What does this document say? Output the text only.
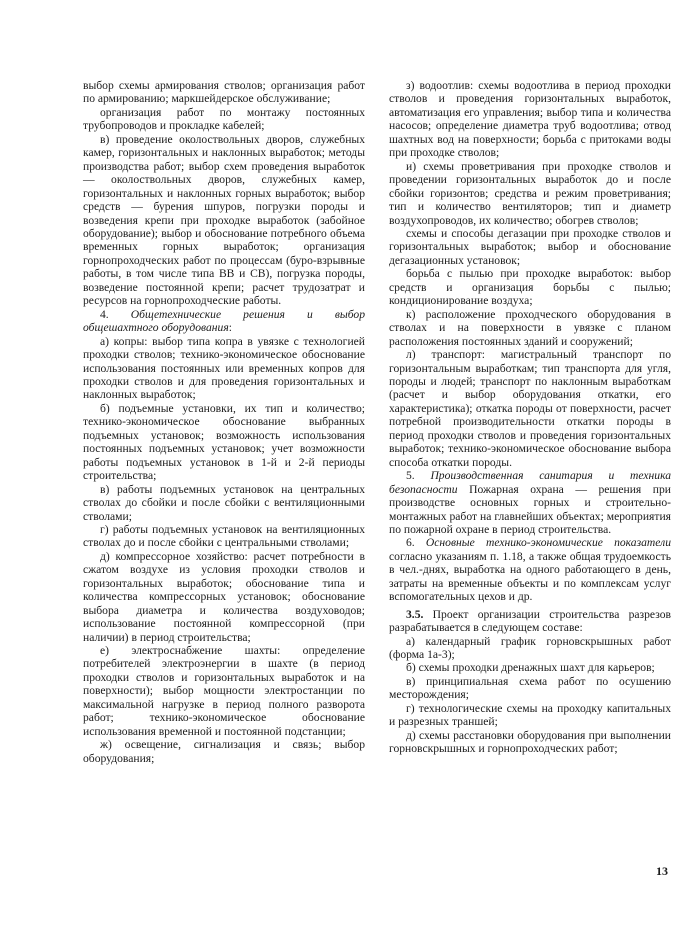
выбор схемы армирования стволов; организация работ по армированию; маркшейдерское обслуживание;

организация работ по монтажу постоянных трубопроводов и прокладке кабелей;

в) проведение околоствольных дворов, служебных камер, горизонтальных и наклонных выработок; методы производства работ; выбор схем проведения выработок — околоствольных дворов, служебных камер, горизонтальных и наклонных горных выработок; выбор средств — бурения шпуров, погрузки породы и возведения крепи при проходке выработок (забойное оборудование); выбор и обоснование потребного объема временных горных выработок; организация горнопроходческих работ по процессам (буро-взрывные работы, в том числе типа ВВ и СВ), погрузка породы, возведение постоянной крепи; расчет трудозатрат и ресурсов на горнопроходческие работы.

4. Общетехнические решения и выбор общешахтного оборудования:

а) копры: выбор типа копра в увязке с технологией проходки стволов; технико-экономическое обоснование использования постоянных или временных копров для проходки стволов и для проведения горизонтальных и наклонных выработок;

б) подъемные установки, их тип и количество; технико-экономическое обоснование выбранных подъемных установок; возможность использования постоянных подъемных установок; учет возможности работы подъемных установок в 1-й и 2-й периоды строительства;

в) работы подъемных установок на центральных стволах до сбойки и после сбойки с вентиляционными стволами;

г) работы подъемных установок на вентиляционных стволах до и после сбойки с центральными стволами;

д) компрессорное хозяйство: расчет потребности в сжатом воздухе из условия проходки стволов и горизонтальных выработок; обоснование типа и количества компрессорных установок; обоснование выбора диаметра и количества воздуховодов; использование постоянной компрессорной (при наличии) в период строительства;

е) электроснабжение шахты: определение потребителей электроэнергии в шахте (в период проходки стволов и горизонтальных выработок и на поверхности); выбор мощности электростанции по максимальной нагрузке в период полного разворота работ; технико-экономическое обоснование использования временной и постоянной подстанции;

ж) освещение, сигнализация и связь; выбор оборудования;

з) водоотлив: схемы водоотлива в период проходки стволов и проведения горизонтальных выработок, автоматизация его управления; выбор типа и количества насосов; определение диаметра труб водоотлива; отвод шахтных вод на поверхности; борьба с притоками воды при проходке стволов;

и) схемы проветривания при проходке стволов и проведении горизонтальных выработок до и после сбойки горизонтов; средства и режим проветривания; тип и количество вентиляторов; тип и диаметр воздухопроводов, их количество; обогрев стволов;

схемы и способы дегазации при проходке стволов и горизонтальных выработок; выбор и обоснование дегазационных установок;

борьба с пылью при проходке выработок: выбор средств и организация борьбы с пылью; кондиционирование воздуха;

к) расположение проходческого оборудования в стволах и на поверхности в увязке с планом расположения постоянных зданий и сооружений;

л) транспорт: магистральный транспорт по горизонтальным выработкам; тип транспорта для угля, породы и людей; транспорт по наклонным выработкам (расчет и выбор оборудования откатки, его характеристика); откатка породы от поверхности, расчет потребной производительности откатки породы в период проходки стволов и проведения горизонтальных выработок; технико-экономическое обоснование выбора способа откатки породы.

5. Производственная санитария и техника безопасности Пожарная охрана — решения при производстве основных горных и строительно-монтажных работ на главнейших объектах; мероприятия по пожарной охране в период строительства.

6. Основные технико-экономические показатели согласно указаниям п. 1.18, а также общая трудоемкость в чел.-днях, выработка на одного работающего в день, затраты на временные объекты и по комплексам услуг вспомогательных цехов и др.

3.5. Проект организации строительства разрезов разрабатывается в следующем составе:

а) календарный график горновскрышных работ (форма 1а-3);

б) схемы проходки дренажных шахт для карьеров;

в) принципиальная схема работ по осушению месторождения;

г) технологические схемы на проходку капитальных и разрезных траншей;

д) схемы расстановки оборудования при выполнении горновскрышных и горнопроходческих работ;

13
